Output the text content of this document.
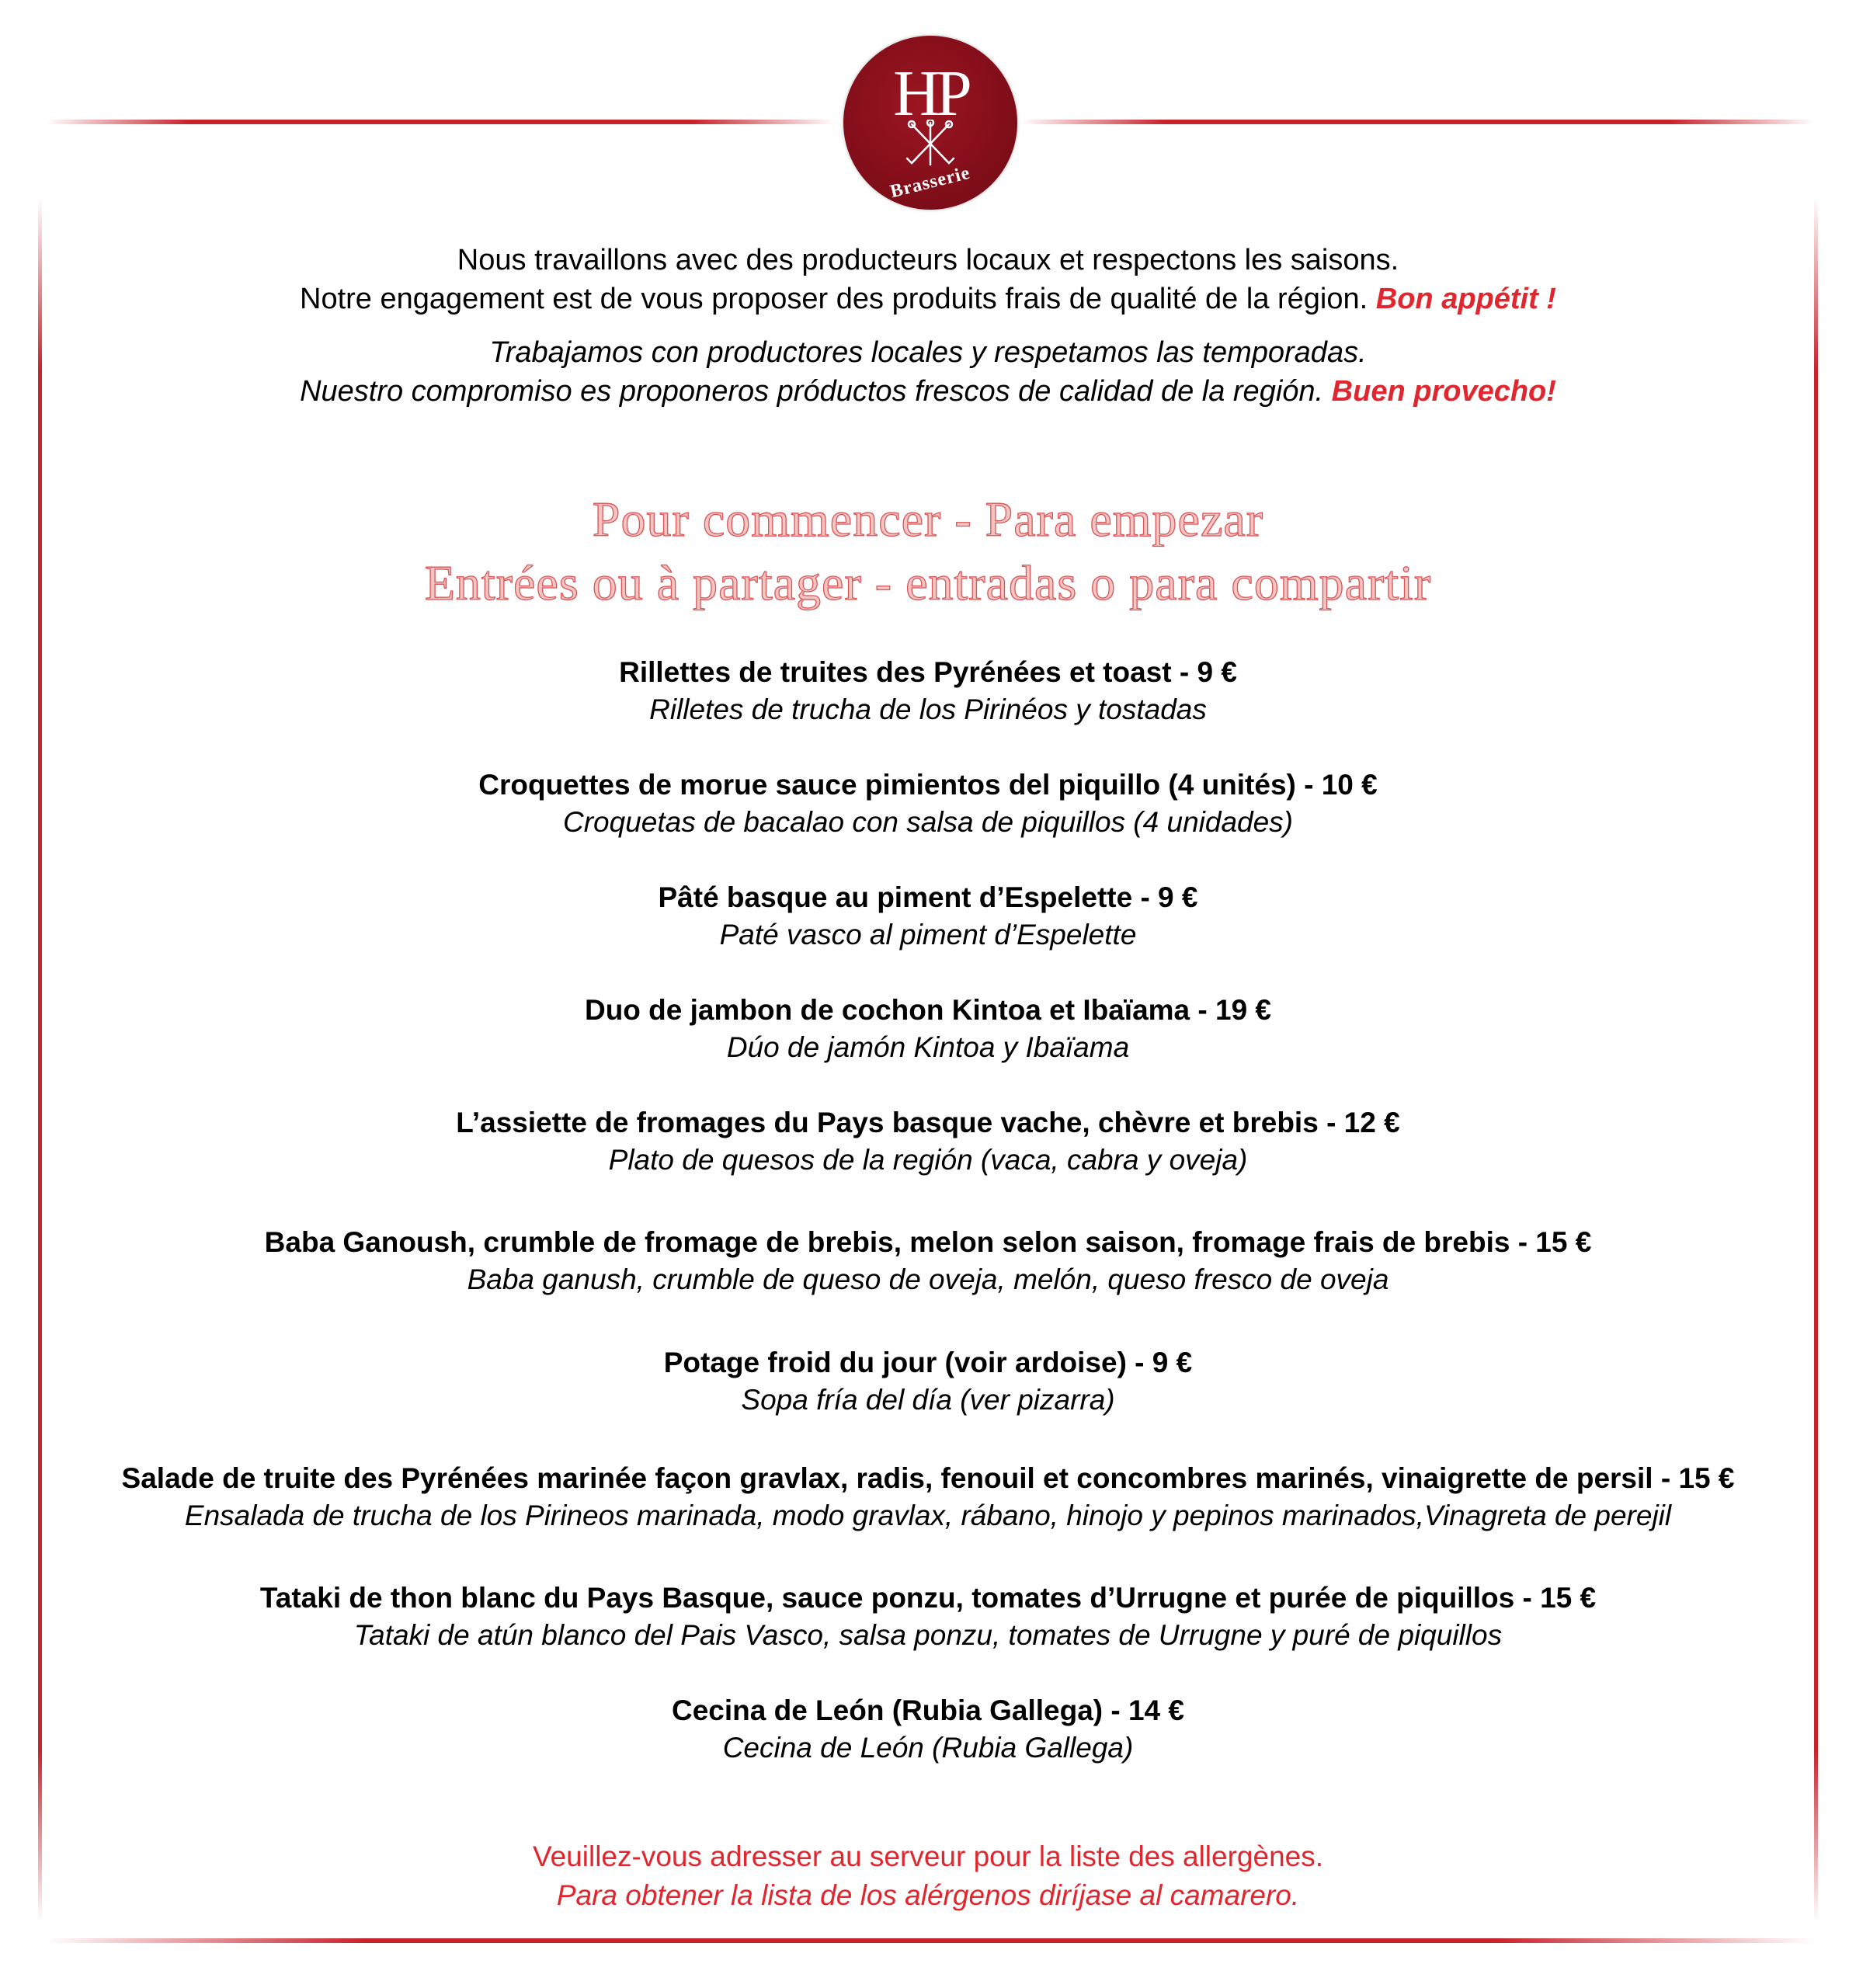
HP
Brasserie
Nous travaillons avec des producteurs locaux et respectons les saisons.
Notre engagement est de vous proposer des produits frais de qualité de la région. Bon appétit !
Trabajamos con productores locales y respetamos las temporadas.
Nuestro compromiso es proponeros próductos frescos de calidad de la región. Buen provecho!
Pour commencer - Para empezar
Entrées ou à partager - entradas o para compartir
Rillettes de truites des Pyrénées et toast - 9 €
Rilletes de trucha de los Pirinéos y tostadas
Croquettes de morue sauce pimientos del piquillo (4 unités) - 10 €
Croquetas de bacalao con salsa de piquillos (4 unidades)
Pâté basque au piment d’Espelette - 9 €
Paté vasco al piment d’Espelette
Duo de jambon de cochon Kintoa et Ibaïama - 19 €
Dúo de jamón Kintoa y Ibaïama
L’assiette de fromages du Pays basque vache, chèvre et brebis - 12 €
Plato de quesos de la región (vaca, cabra y oveja)
Baba Ganoush, crumble de fromage de brebis, melon selon saison, fromage frais de brebis - 15 €
Baba ganush, crumble de queso de oveja, melón, queso fresco de oveja
Potage froid du jour (voir ardoise) - 9 €
Sopa fría del día (ver pizarra)
Salade de truite des Pyrénées marinée façon gravlax, radis, fenouil et concombres marinés, vinaigrette de persil - 15 €
Ensalada de trucha de los Pirineos marinada, modo gravlax, rábano, hinojo y pepinos marinados,Vinagreta de perejil
Tataki de thon blanc du Pays Basque, sauce ponzu, tomates d’Urrugne et purée de piquillos - 15 €
Tataki de atún blanco del Pais Vasco, salsa ponzu, tomates de Urrugne y puré de piquillos
Cecina de León (Rubia Gallega) - 14 €
Cecina de León (Rubia Gallega)
Veuillez-vous adresser au serveur pour la liste des allergènes.
Para obtener la lista de los alérgenos diríjase al camarero.
